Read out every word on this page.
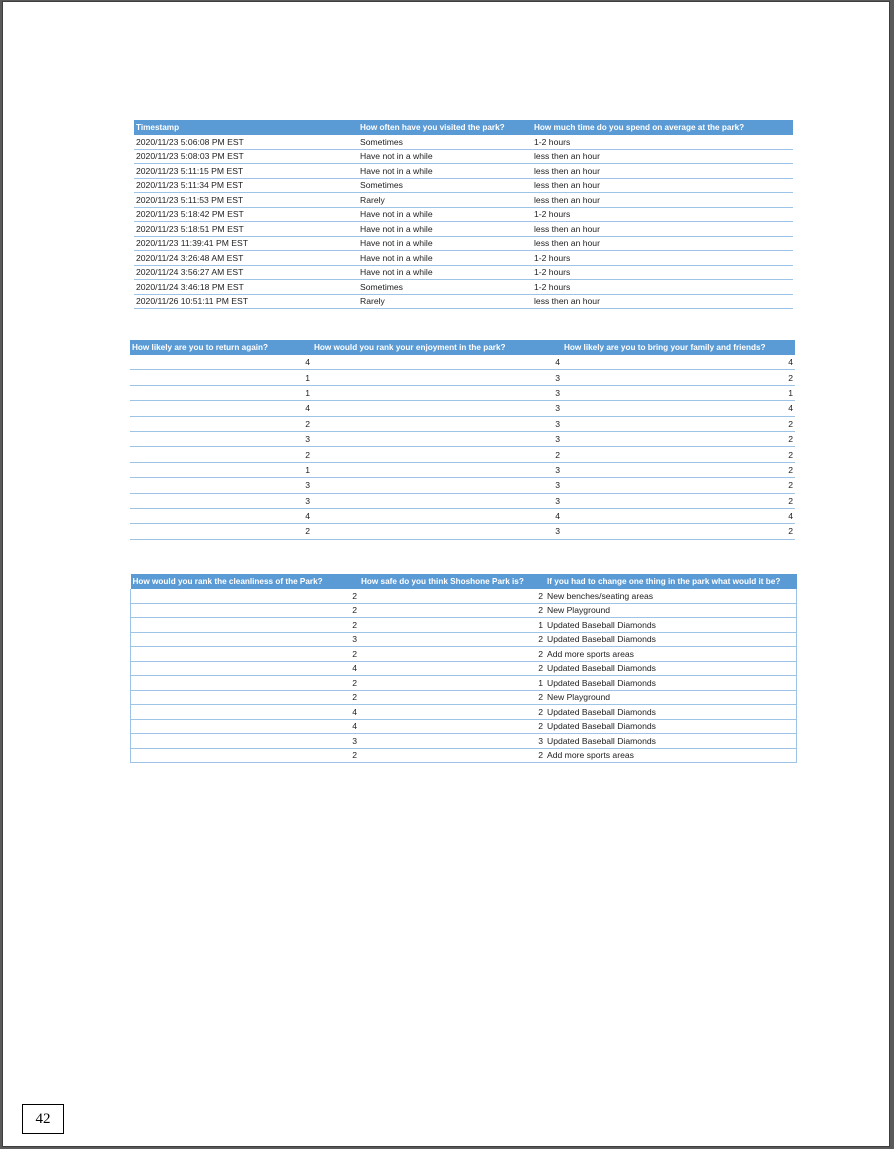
Timestamp	How often have you visited the park?	How much time do you spend on average at the park?
2020/11/23 5:06:08 PM EST	Sometimes	1-2 hours
2020/11/23 5:08:03 PM EST	Have not in a while	less then an hour
2020/11/23 5:11:15 PM EST	Have not in a while	less then an hour
2020/11/23 5:11:34 PM EST	Sometimes	less then an hour
2020/11/23 5:11:53 PM EST	Rarely	less then an hour
2020/11/23 5:18:42 PM EST	Have not in a while	1-2 hours
2020/11/23 5:18:51 PM EST	Have not in a while	less then an hour
2020/11/23 11:39:41 PM EST	Have not in a while	less then an hour
2020/11/24 3:26:48 AM EST	Have not in a while	1-2 hours
2020/11/24 3:56:27 AM EST	Have not in a while	1-2 hours
2020/11/24 3:46:18 PM EST	Sometimes	1-2 hours
2020/11/26 10:51:11 PM EST	Rarely	less then an hour
How likely are you to return again?	How would you rank your enjoyment in the park?	How likely are you to bring your family and friends?
4	4	4
1	3	2
1	3	1
4	3	4
2	3	2
3	3	2
2	2	2
1	3	2
3	3	2
3	3	2
4	4	4
2	3	2
How would you rank the cleanliness of the Park?	How safe do you think Shoshone Park is?	If you had to change one thing in the park what would it be?
2	2	New benches/seating areas
2	2	New Playground
2	1	Updated Baseball Diamonds
3	2	Updated Baseball Diamonds
2	2	Add more sports areas
4	2	Updated Baseball Diamonds
2	1	Updated Baseball Diamonds
2	2	New Playground
4	2	Updated Baseball Diamonds
4	2	Updated Baseball Diamonds
3	3	Updated Baseball Diamonds
2	2	Add more sports areas
42
